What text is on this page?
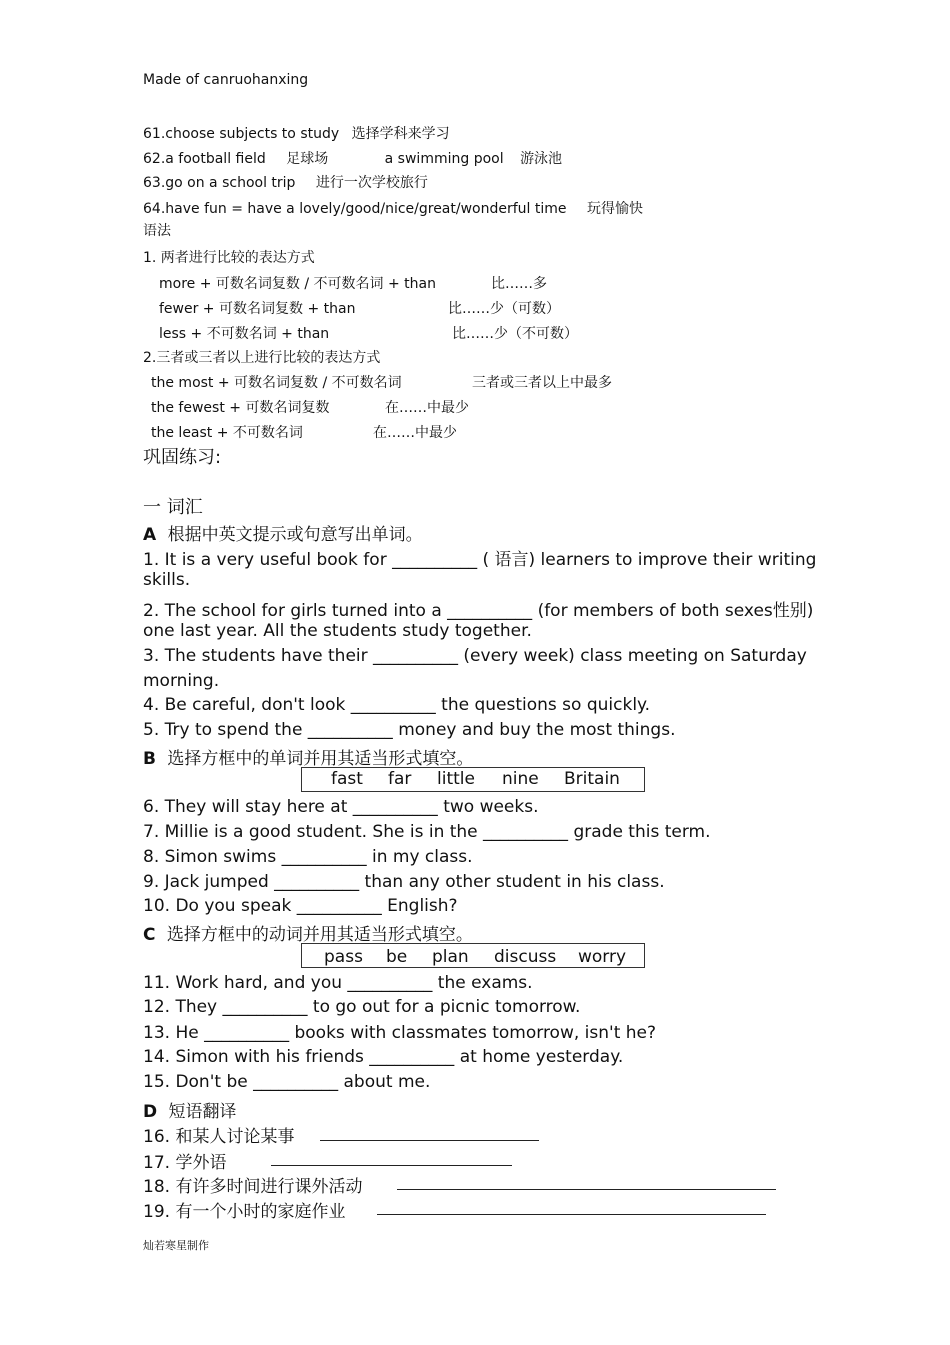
Made of canruohanxing
61.choose subjects to study 选择学科来学习
62.a football field 足球场	a swimming pool 游泳池
63.go on a school trip 进行一次学校旅行
64.have fun = have a lovely/good/nice/great/wonderful time 玩得愉快
语法
1. 两者进行比较的表达方式
more + 可数名词复数 / 不可数名词 + than	比……多
fewer + 可数名词复数 + than	比……少（可数）
less + 不可数名词 + than	比……少（不可数）
2.三者或三者以上进行比较的表达方式
the most + 可数名词复数 / 不可数名词	三者或三者以上中最多
the fewest + 可数名词复数	在……中最少
the least + 不可数名词	在……中最少
巩固练习:
一 词汇
A 根据中英文提示或句意写出单词。
1. It is a very useful book for __________ ( 语言) learners to improve their writing
skills.
2. The school for girls turned into a __________ (for members of both sexes性别)
one last year. All the students study together.
3. The students have their __________ (every week) class meeting on Saturday
morning.
4. Be careful, don't look __________ the questions so quickly.
5. Try to spend the __________ money and buy the most things.
B 选择方框中的单词并用其适当形式填空。
fast far little nine Britain
6. They will stay here at __________ two weeks.
7. Millie is a good student. She is in the __________ grade this term.
8. Simon swims __________ in my class.
9. Jack jumped __________ than any other student in his class.
10. Do you speak __________ English?
C 选择方框中的动词并用其适当形式填空。
pass be plan discuss worry
11. Work hard, and you __________ the exams.
12. They __________ to go out for a picnic tomorrow.
13. He __________ books with classmates tomorrow, isn't he?
14. Simon with his friends __________ at home yesterday.
15. Don't be __________ about me.
D 短语翻译
16. 和某人讨论某事
17. 学外语
18. 有许多时间进行课外活动
19. 有一个小时的家庭作业
灿若寒星制作
